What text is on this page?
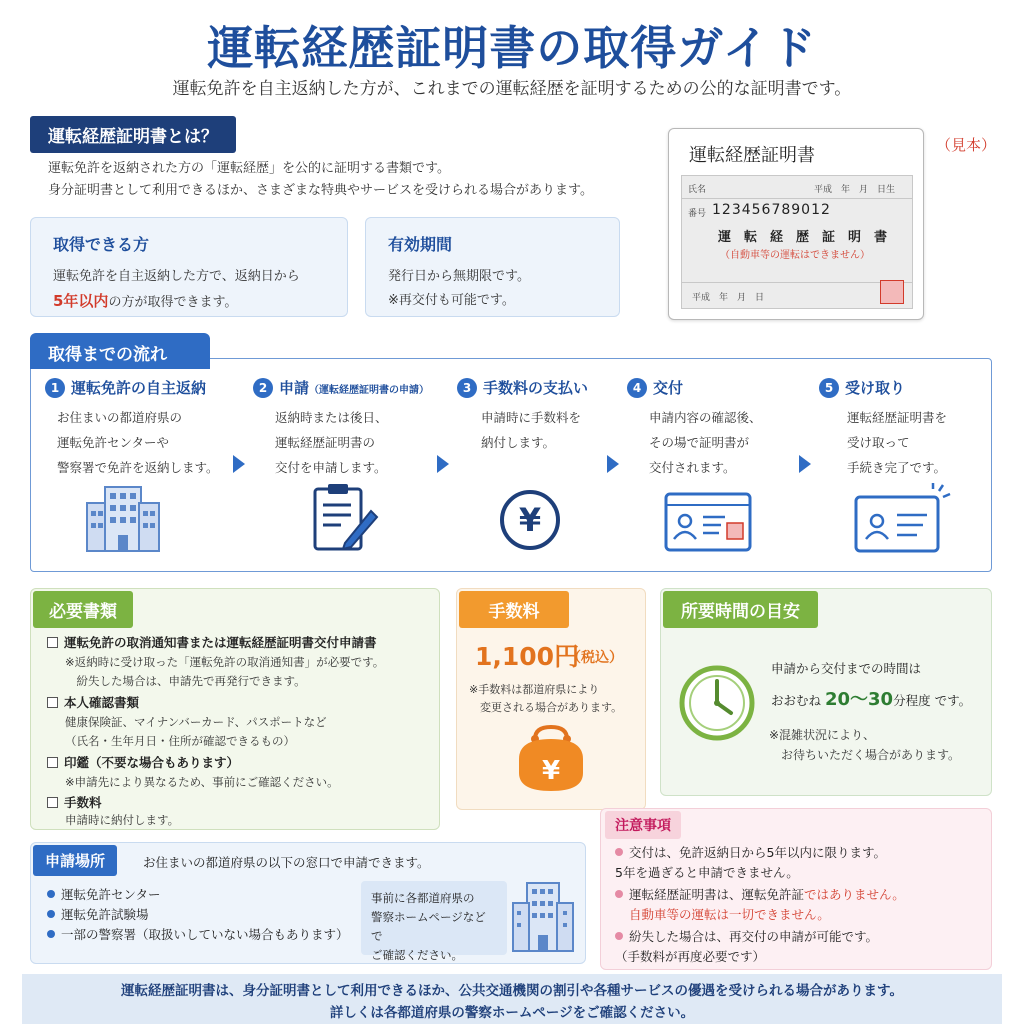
運転経歴証明書の取得ガイド
運転免許を自主返納した方が、これまでの運転経歴を証明するための公的な証明書です。
運転経歴証明書とは？
運転免許を返納された方の「運転経歴」を公的に証明する書類です。
身分証明書として利用できるほか、さまざまな特典やサービスを受けられる場合があります。
取得できる方

運転免許を自主返納した方で、返納日から

5年以内の方が取得できます。

有効期間

発行日から無期限です。

※再交付も可能です。

運転経歴証明書
氏名	平成　年　月　日生
番号 123456789012
運　転　経　歴　証　明　書
（自動車等の運転はできません）
平成　年　月　日
（見本）
1 運転免許の自主返納
お住まいの都道府県の
運転免許センターや
警察署で免許を返納します。
2 申請（運転経歴証明書の申請）
返納時または後日、
運転経歴証明書の
交付を申請します。
3 手数料の支払い
申請時に手数料を
納付します。
¥
4 交付
申請内容の確認後、
その場で証明書が
交付されます。
5 受け取り
運転経歴証明書を
受け取って
手続き完了です。
取得までの流れ
必要書類
運転免許の取消通知書または運転経歴証明書交付申請書
※返納時に受け取った「運転免許の取消通知書」が必要です。
　紛失した場合は、申請先で再発行できます。
本人確認書類
健康保険証、マイナンバーカード、パスポートなど
（氏名・生年月日・住所が確認できるもの）
印鑑（不要な場合もあります）
※申請先により異なるため、事前にご確認ください。
手数料
申請時に納付します。
手数料
1,100円
（税込）
※手数料は都道府県により
　変更される場合があります。
¥
所要時間の目安
申請から交付までの時間は
おおむね 20〜30分程度 です。
※混雑状況により、
　お待ちいただく場合があります。
申請場所	お住まいの都道府県の以下の窓口で申請できます。
運転免許センター
運転免許試験場
一部の警察署（取扱いしていない場合もあります）
事前に各都道府県の
警察ホームページなどで
ご確認ください。
注意事項
交付は、免許返納日から5年以内に限ります。
5年を過ぎると申請できません。
運転経歴証明書は、運転免許証ではありません。
自動車等の運転は一切できません。
紛失した場合は、再交付の申請が可能です。
（手数料が再度必要です）
運転経歴証明書は、身分証明書として利用できるほか、公共交通機関の割引や各種サービスの優遇を受けられる場合があります。
詳しくは各都道府県の警察ホームページをご確認ください。
